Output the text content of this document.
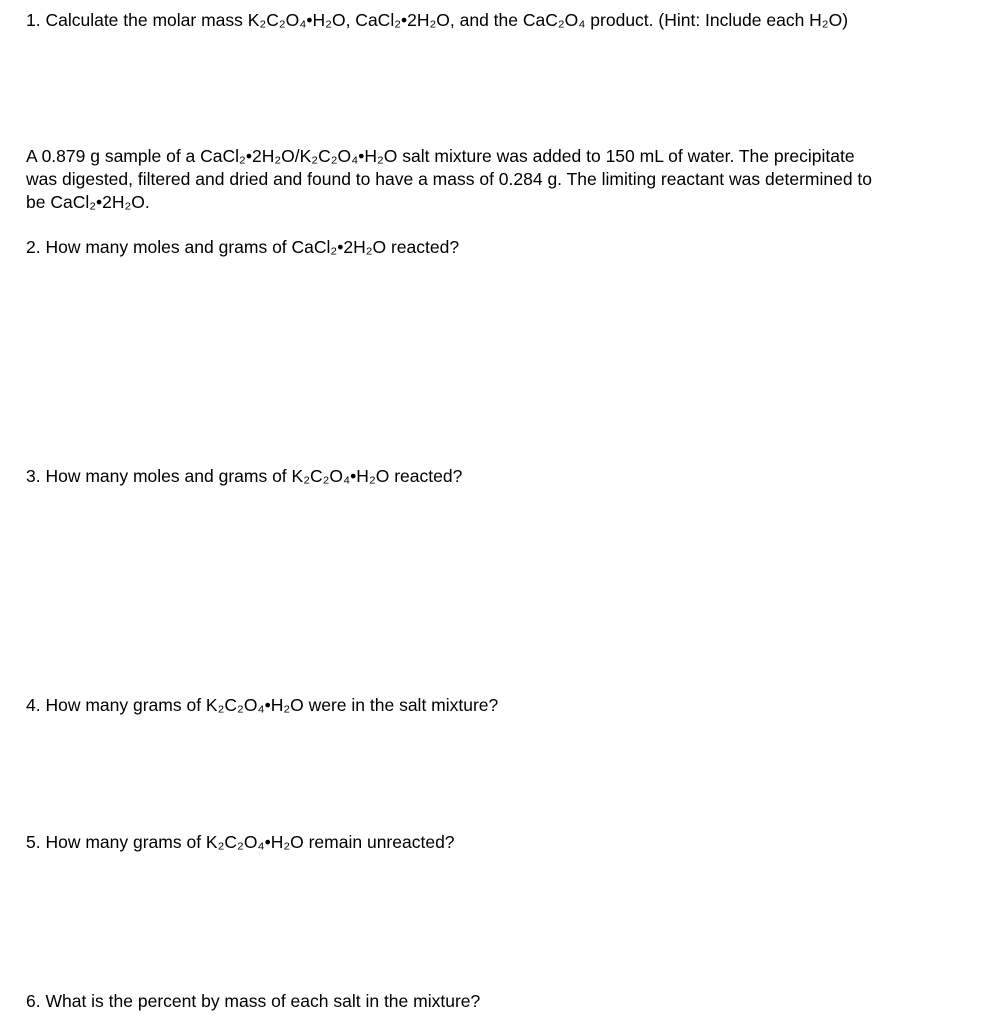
1. Calculate the molar mass K₂C₂O₄•H₂O, CaCl₂•2H₂O, and the CaC₂O₄ product. (Hint: Include each H₂O)
A 0.879 g sample of a CaCl₂•2H₂O/K₂C₂O₄•H₂O salt mixture was added to 150 mL of water. The precipitate
was digested, filtered and dried and found to have a mass of 0.284 g. The limiting reactant was determined to
be CaCl₂•2H₂O.
2. How many moles and grams of CaCl₂•2H₂O reacted?
3. How many moles and grams of K₂C₂O₄•H₂O reacted?
4. How many grams of K₂C₂O₄•H₂O were in the salt mixture?
5. How many grams of K₂C₂O₄•H₂O remain unreacted?
6. What is the percent by mass of each salt in the mixture?
